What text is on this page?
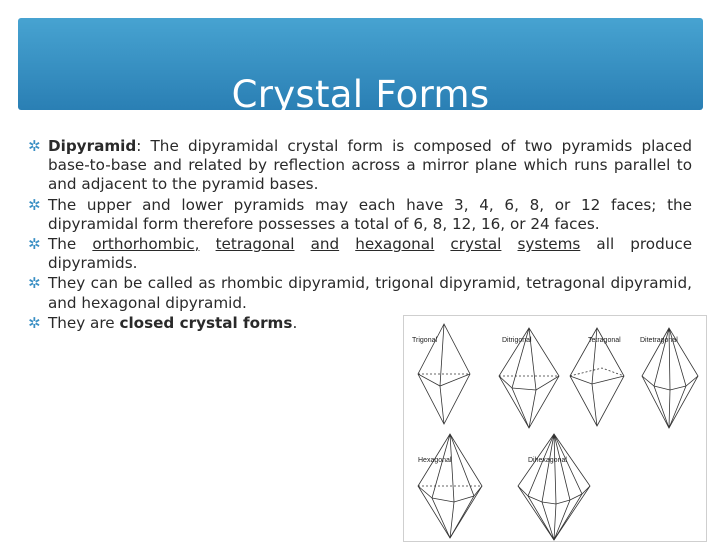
Crystal Forms
✲ Dipyramid: The dipyramidal crystal form is composed of two pyramids placed base-to-base and related by reflection across a mirror plane which runs parallel to and adjacent to the pyramid bases.
✲ The upper and lower pyramids may each have 3, 4, 6, 8, or 12 faces; the dipyramidal form therefore possesses a total of 6, 8, 12, 16, or 24 faces.
✲ The orthorhombic, tetragonal and hexagonal crystal systems all produce dipyramids.
✲ They can be called as rhombic dipyramid, trigonal dipyramid, tetragonal dipyramid, and hexagonal dipyramid.
✲ They are closed crystal forms.
Trigonal	Ditrigonal	Tetragonal	Ditetragonal
Hexagonal	Dihexagonal
